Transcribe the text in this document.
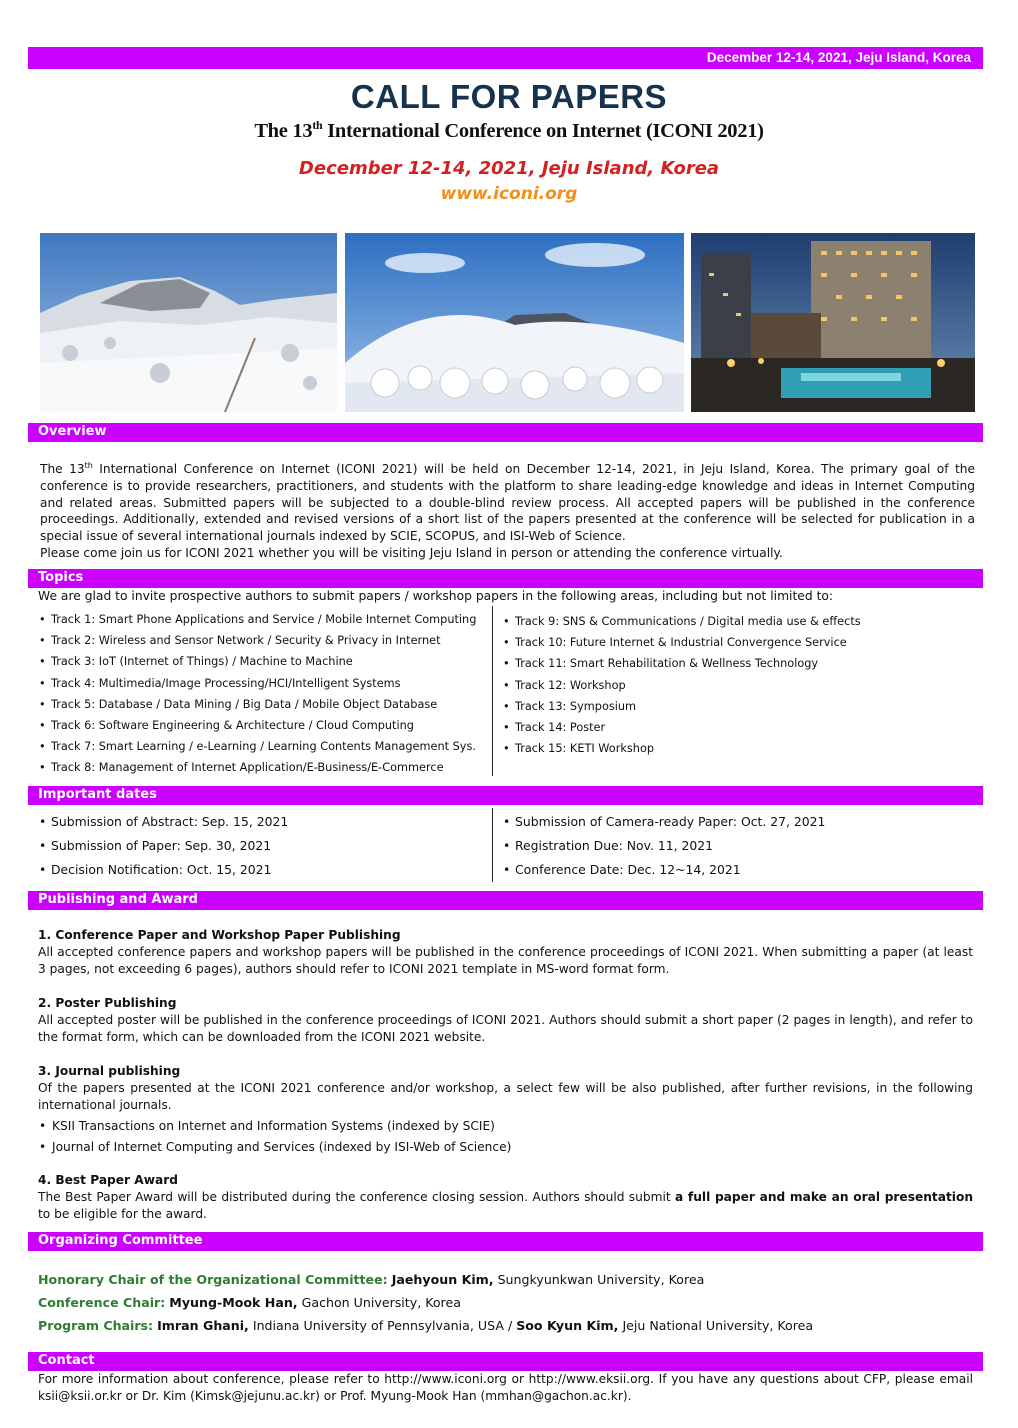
December 12-14, 2021, Jeju Island, Korea
CALL FOR PAPERS
The 13th International Conference on Internet (ICONI 2021)
December 12-14, 2021, Jeju Island, Korea
www.iconi.org
Overview

The 13th International Conference on Internet (ICONI 2021) will be held on December 12-14, 2021, in Jeju Island, Korea. The primary goal of the conference is to provide researchers, practitioners, and students with the platform to share leading-edge knowledge and ideas in Internet Computing and related areas. Submitted papers will be subjected to a double-blind review process. All accepted papers will be published in the conference proceedings. Additionally, extended and revised versions of a short list of the papers presented at the conference will be selected for publication in a special issue of several international journals indexed by SCIE, SCOPUS, and ISI-Web of Science.

Please come join us for ICONI 2021 whether you will be visiting Jeju Island in person or attending the conference virtually.

Topics
We are glad to invite prospective authors to submit papers / workshop papers in the following areas, including but not limited to:
• Track 1: Smart Phone Applications and Service / Mobile Internet Computing
• Track 2: Wireless and Sensor Network / Security & Privacy in Internet
• Track 3: IoT (Internet of Things) / Machine to Machine
• Track 4: Multimedia/Image Processing/HCI/Intelligent Systems
• Track 5: Database / Data Mining / Big Data / Mobile Object Database
• Track 6: Software Engineering & Architecture / Cloud Computing
• Track 7: Smart Learning / e-Learning / Learning Contents Management Sys.
• Track 8: Management of Internet Application/E-Business/E-Commerce
• Track 9: SNS & Communications / Digital media use & effects
• Track 10: Future Internet & Industrial Convergence Service
• Track 11: Smart Rehabilitation & Wellness Technology
• Track 12: Workshop
• Track 13: Symposium
• Track 14: Poster
• Track 15: KETI Workshop
Important dates
• Submission of Abstract: Sep. 15, 2021
• Submission of Paper: Sep. 30, 2021
• Decision Notification: Oct. 15, 2021
• Submission of Camera-ready Paper: Oct. 27, 2021
• Registration Due: Nov. 11, 2021
• Conference Date: Dec. 12~14, 2021
Publishing and Award
1. Conference Paper and Workshop Paper Publishing
All accepted conference papers and workshop papers will be published in the conference proceedings of ICONI 2021. When submitting a paper (at least 3 pages, not exceeding 6 pages), authors should refer to ICONI 2021 template in MS-word format form.
2. Poster Publishing
All accepted poster will be published in the conference proceedings of ICONI 2021. Authors should submit a short paper (2 pages in length), and refer to the format form, which can be downloaded from the ICONI 2021 website.
3. Journal publishing
Of the papers presented at the ICONI 2021 conference and/or workshop, a select few will be also published, after further revisions, in the following international journals.
• KSII Transactions on Internet and Information Systems (indexed by SCIE)
• Journal of Internet Computing and Services (indexed by ISI-Web of Science)
4. Best Paper Award
The Best Paper Award will be distributed during the conference closing session. Authors should submit a full paper and make an oral presentation to be eligible for the award.
Organizing Committee
Honorary Chair of the Organizational Committee: Jaehyoun Kim, Sungkyunkwan University, Korea
Conference Chair: Myung-Mook Han, Gachon University, Korea
Program Chairs: Imran Ghani, Indiana University of Pennsylvania, USA / Soo Kyun Kim, Jeju National University, Korea
Contact
For more information about conference, please refer to http://www.iconi.org or http://www.eksii.org. If you have any questions about CFP, please email ksii@ksii.or.kr or Dr. Kim (Kimsk@jejunu.ac.kr) or Prof. Myung-Mook Han (mmhan@gachon.ac.kr).
